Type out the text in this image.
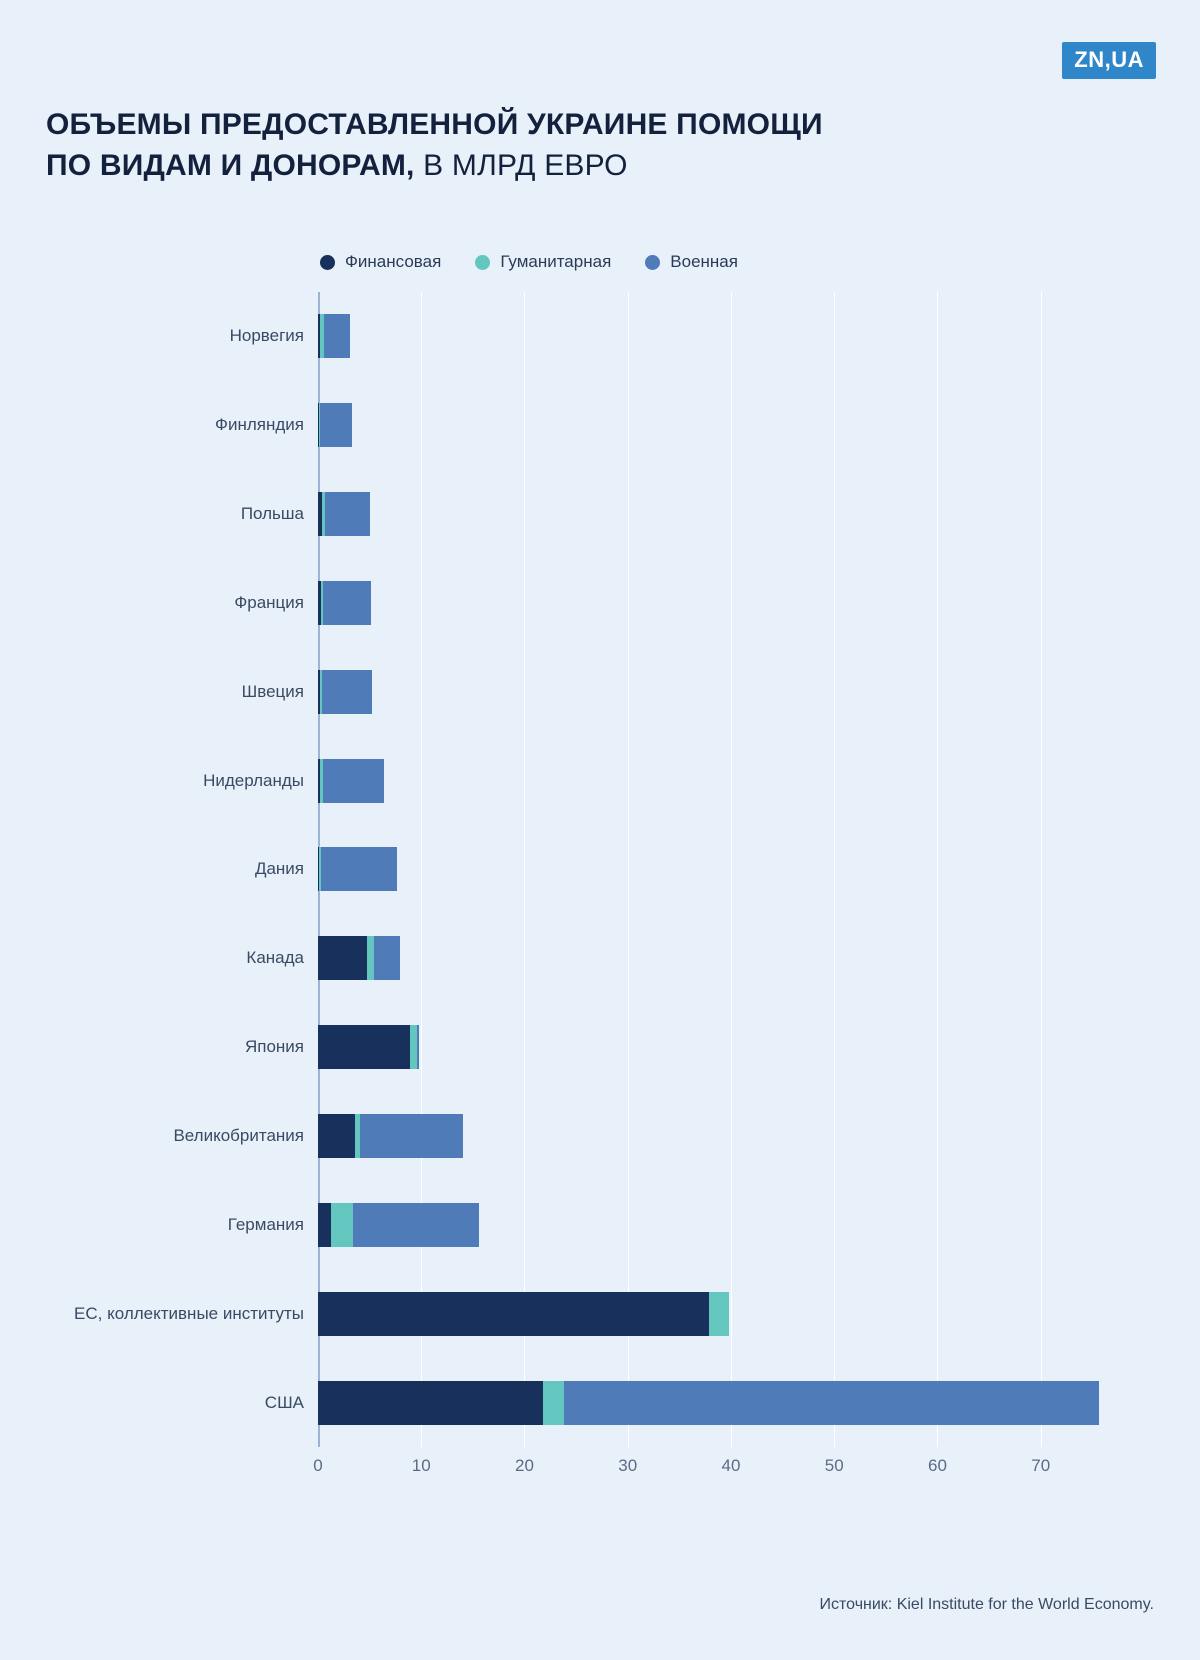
ZN,UA
ОБЪЕМЫ ПРЕДОСТАВЛЕННОЙ УКРАИНЕ ПОМОЩИ
ПО ВИДАМ И ДОНОРАМ, В МЛРД ЕВРО
Финансовая	Гуманитарная	Военная
Норвегия
Финляндия
Польша
Франция
Швеция
Нидерланды
Дания
Канада
Япония
Великобритания
Германия
ЕС, коллективные институты
США
0	10	20	30	40	50	60	70
Источник: Kiel Institute for the World Economy.
